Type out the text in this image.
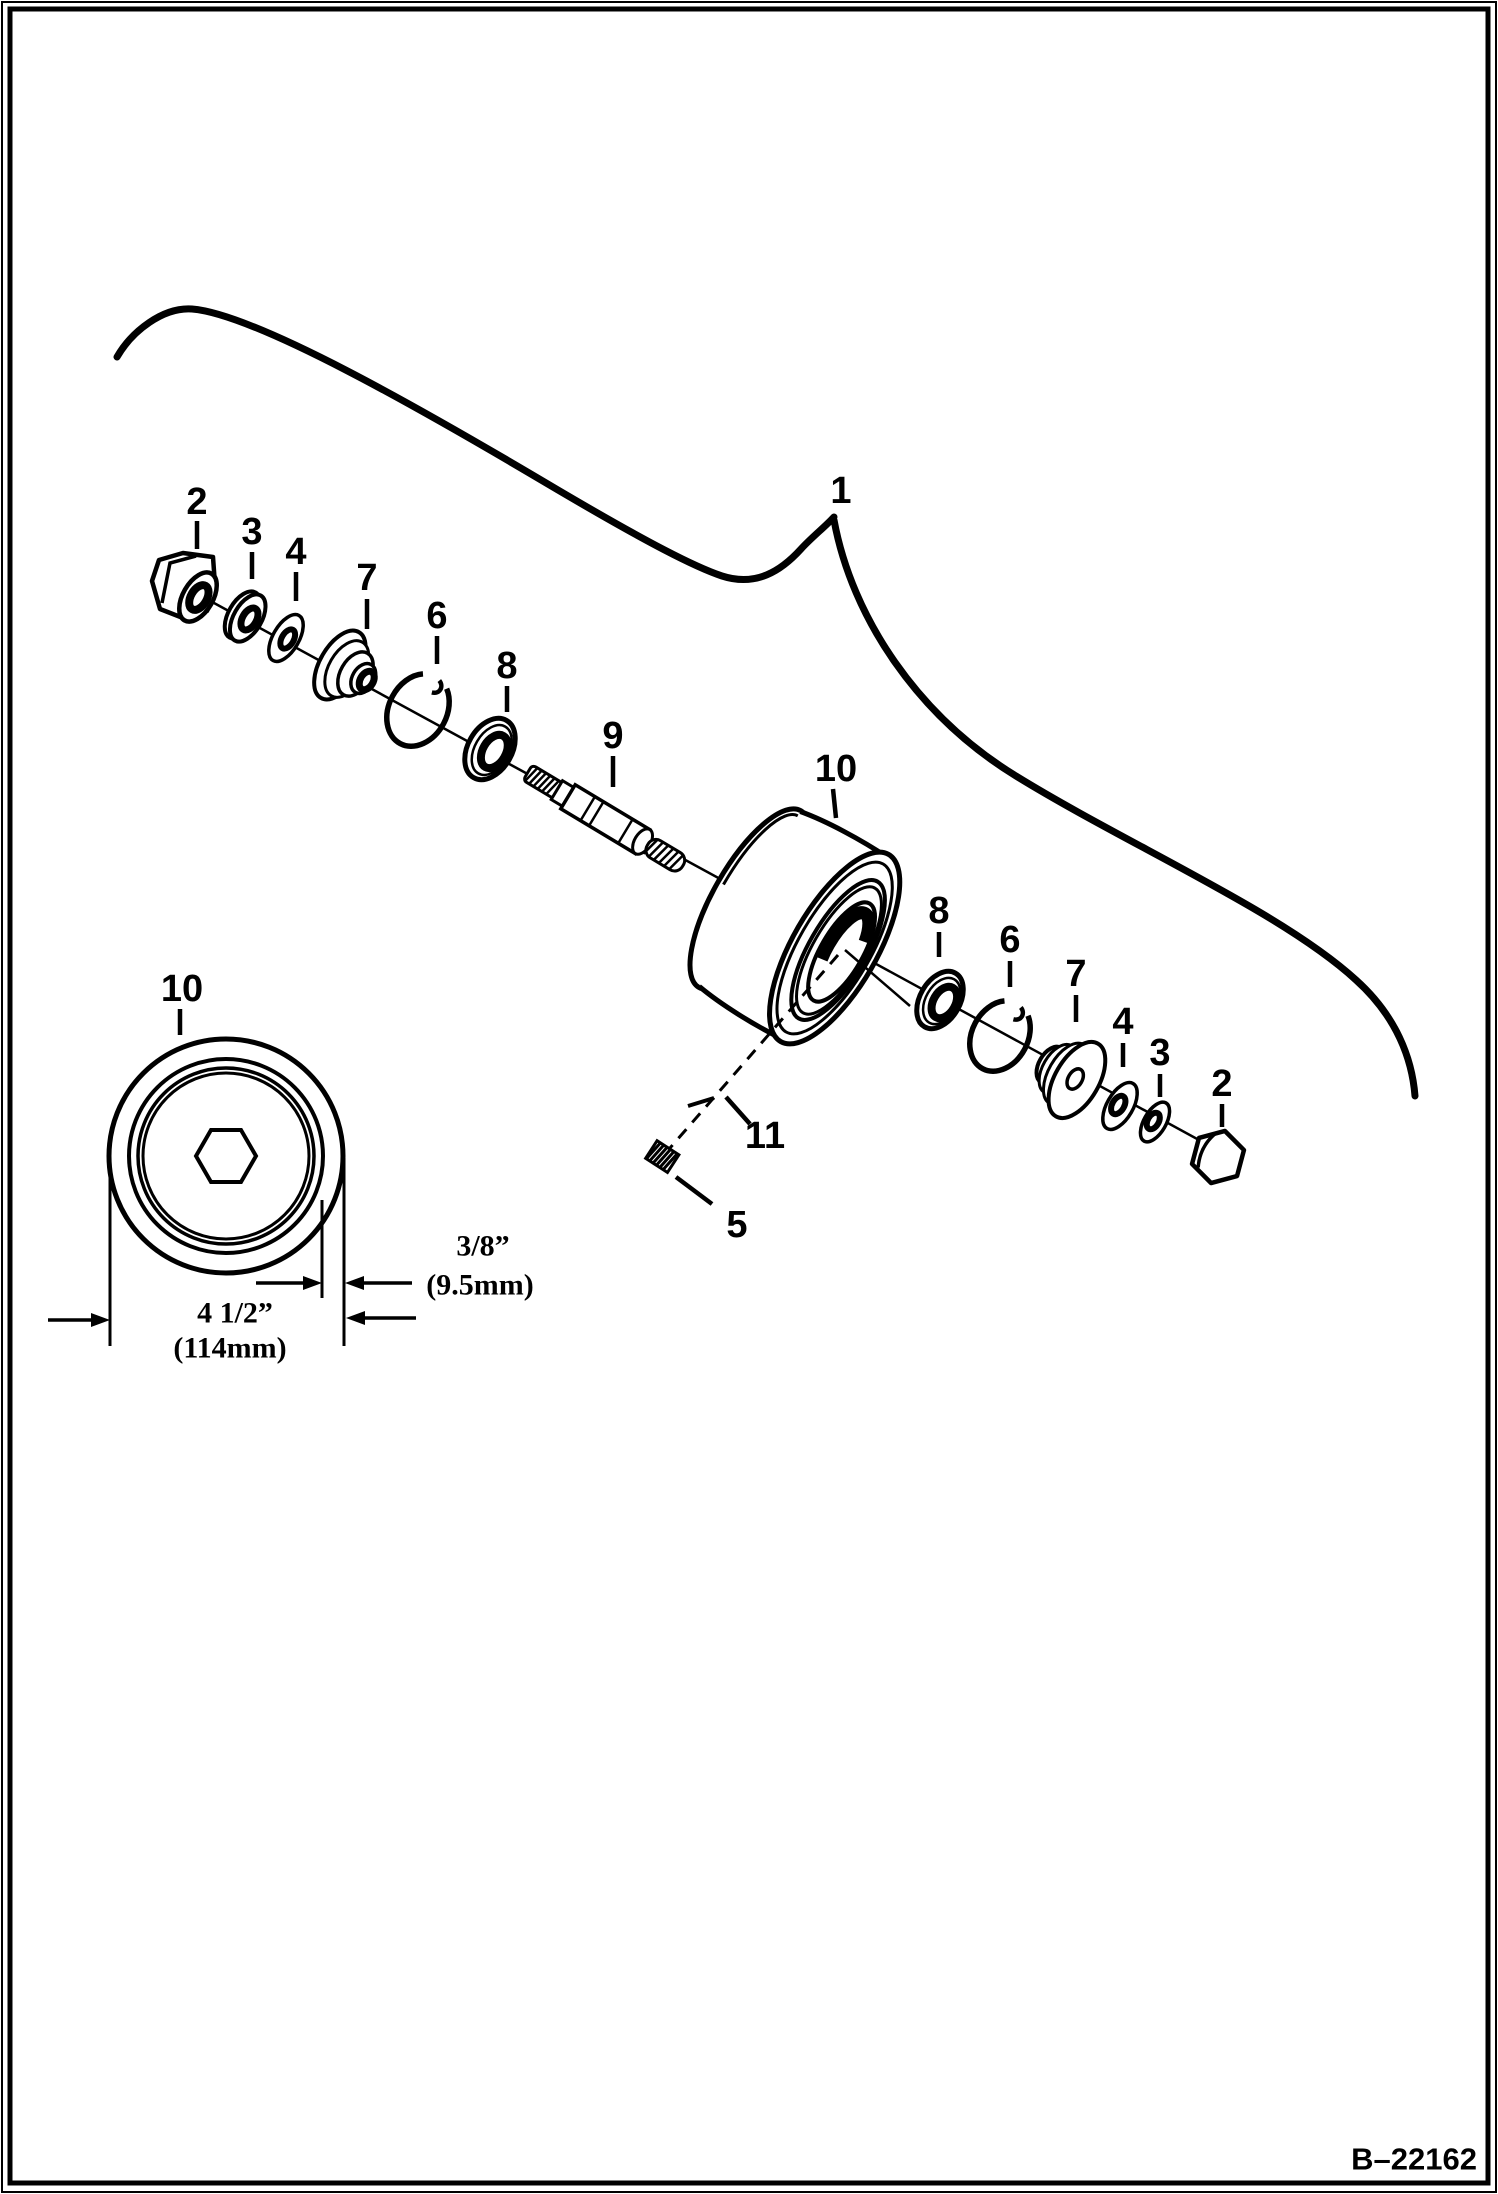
1
2
3 4
7
6
8
9
10
8
6
7
4
3
2
11
5
10
3/8”
(9.5mm)
4 1/2”
(114mm)
B–22162
